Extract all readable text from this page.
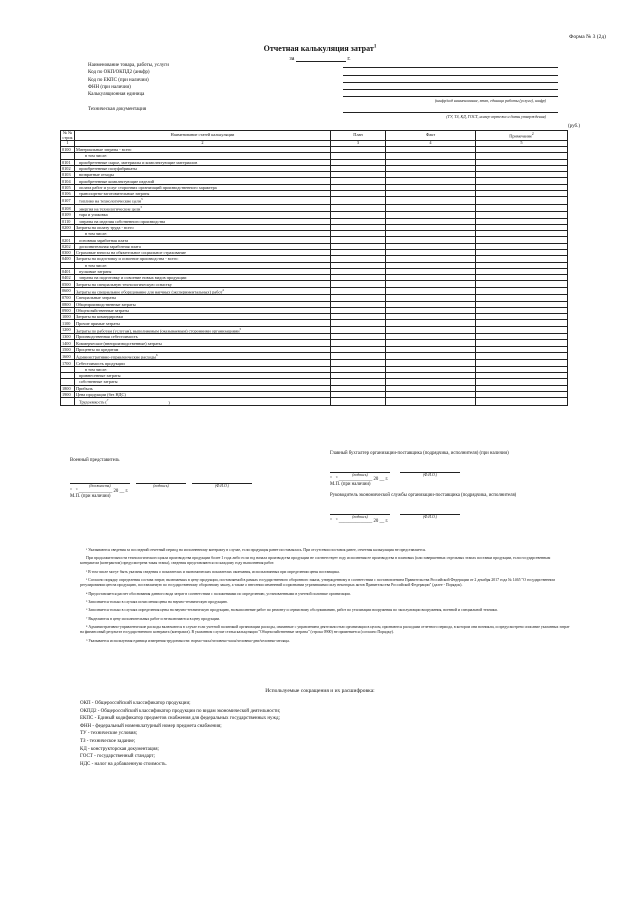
Форма № 3 (2д)
Отчетная калькуляция затрат$^1$
за	г.
Наименование товара, работы, услуги
Код по ОКП/ОКПД2 (анкфр)
Код по ЕКПС (при наличии)
ФНН (при наличии)
Калькуляционная единица
(шифр/код наименование, этап, единица работы (услуги), шифр)
Техническая документация
(ТУ, ТЗ, КД, ГОСТ, номер чертежа и даты утверждения)
(руб.)
№ № строк	Наименование статей калькуляции	План	Факт	Примечание$^2$
1	2	3	4	5
0100	Материальные затраты - всего			
	в том числе:			
0101	приобретенные сырье, материалы и комплектующие материалов			
0102	приобретенные полуфабрикаты			
0103	возвратные отходы			
0104	приобретенные комплектующие изделий			
0105	оплата работ и услуг сторонних организаций производственного характера			
0106	транспортно-заготовительные затраты			
0107	топливо на технологические цели$^3$			
0108	энергия на технологические цели$^3$			
0109	тара и упаковка			
0110	затраты на изделия собственного производства			
0200	Затраты на оплату труда - всего			
	в том числе:			
0201	основная заработная плата			
0202	дополнительная заработная плата			
0300	Страховые взносы на обязательное социальное страхование			
0400	Затраты на подготовку и освоение производства - всего:			
	в том числе:			
0401	пусковые затраты			
0402	затраты на подготовку и освоение новых видов продукции			
0500	Затраты на специальную технологическую оснастку			
0600	Затраты на специальное оборудование для научных (экспериментальных) работ$^4$			
0700	Специальные затраты			
0800	Общепроизводственные затраты			
0900	Общехозяйственные затраты			
1000	Затраты на командировки			
1100	Прочие прямые затраты			
1200	Затраты по работам (услугам), выполняемым (оказываемым) сторонними организациями$^5$			
1300	Производственная себестоимость			
1400	Коммерческие (внепроизводственные) затраты			
1500	Проценты по кредитам			
1600	Административно-управленческие расходы$^6$			
1700	Себестоимость продукции			
	в том числе:			
	привнесенные затраты			
	собственные затраты			
1800	Прибыль			
1900	Цена продукции (без НДС)			
	Трудоемкость ($^7$ )			
Военный представитель
(должность)	(подпись)	(Ф.И.О.)
" " ______________ 20 __ г.
М.П. (при наличии)
Главный бухгалтер организации-поставщика (подрядчика, исполнителя) (при наличии)
(подпись)	(Ф.И.О.)
" " ______________ 20 __ г.
М.П. (при наличии)
Руководитель экономической службы организации-поставщика (подрядчика, исполнителя)
(подпись)	(Ф.И.О.)
" " ______________ 20 __ г.

¹ Указываются сведения за последний отчетный период на исполненному контракту в случае, если продукция ранее поставлялась. При отсутствии поставок ранее, отчетная калькуляция не представляется.

При продолжительности технологического цикла производства продукции более 1 года либо если год начала производства продукции не соответствует году исполнения ее производства в плановых (или завершенных отдельных этапах поставки продукции, если государственным контрактом (контрактом) предусмотрена такая этапы), сведения представляются по каждому году выполнения работ.

² В том числе могут быть указаны сведения о показателях и экономических показателях окончания, использованных при определении цены поставщика.

³ Согласно порядку определения состава затрат, включаемых в цену продукции, поставляемой в рамках государственного оборонного заказа, утвержденному в соответствии с постановлением Правительства Российской Федерации от 2 декабря 2017 года № 1465 "О государственном регулировании цен на продукцию, поставляемую по государственному оборонному заказу, а также о внесении изменений и признании утратившими силу некоторых актов Правительства Российской Федерации" (далее - Порядок).

⁴ Предоставляется расчет обоснования данного вида затрат в соответствии с положениями по определению, установленными в учетной политике организации.

⁵ Заполняется только в случаях исчисления цены на научно-техническую продукцию.

⁶ Заполняется только в случаях определения цены на научно-техническую продукцию, на выполнение работ по ремонту и сервисному обслуживанию, работ по утилизации вооружения по эксплуатации вооружения, военной и специальной техники.

⁷ Выделяются в цену исполнительных работ и не включаются в цену продукции.

⁸ Административно-управленческие расходы включаются в случае если учетной политикой организации расходы, связанные с управлением деятельностью организации в целом, признаются расходами отчетного периода, в котором они возникли, и предусмотрено списание указанных затрат на финансовый результат государственного контракта (контракта). В указанном случае статья калькуляции "Общехозяйственные затраты" (строка 0900) не применяется (согласно Порядку).

⁹ Указывается используемая единица измерения трудоемкости: нормо-часы/человеко-часы/человеко-дни/человеко-месяцы.

Используемые сокращения и их расшифровка:
ОКП - Общероссийский классификатор продукции;
ОКПД2 - Общероссийский классификатор продукции по видам экономической деятельности;
ЕКПС - Единый кодификатор предметов снабжения для федеральных государственных нужд;
ФНН - федеральный номенклатурный номер предмета снабжения;
ТУ - технические условия;
ТЗ - техническое задание;
КД - конструкторская документация;
ГОСТ - государственный стандарт;
НДС - налог на добавленную стоимость.
